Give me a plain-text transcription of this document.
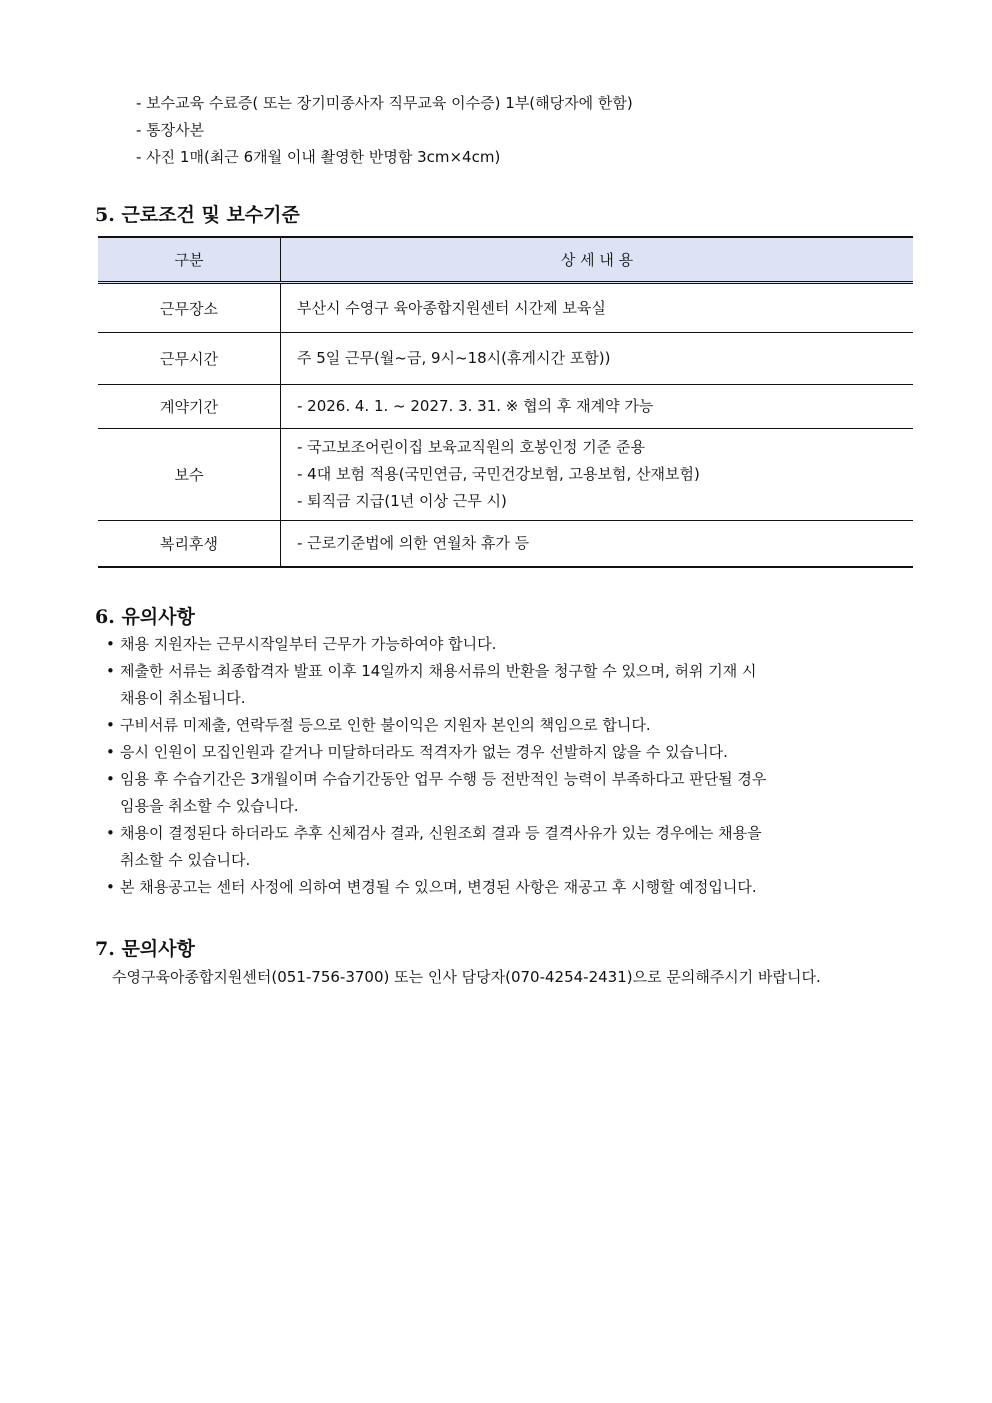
- 보수교육 수료증( 또는 장기미종사자 직무교육 이수증) 1부(해당자에 한함)
- 통장사본
- 사진 1매(최근 6개월 이내 촬영한 반명함 3cm×4cm)
5. 근로조건 및 보수기준
구분	상 세 내 용
근무장소	부산시 수영구 육아종합지원센터 시간제 보육실

근무시간	주 5일 근무(월~금, 9시~18시(휴게시간 포함))

계약기간	- 2026. 4. 1. ~ 2027. 3. 31. ※ 협의 후 재계약 가능

보수	- 국고보조어린이집 보육교직원의 호봉인정 기준 준용
- 4대 보험 적용(국민연금, 국민건강보험, 고용보험, 산재보험)
- 퇴직금 지급(1년 이상 근무 시)

복리후생	- 근로기준법에 의한 연월차 휴가 등
6. 유의사항
• 채용 지원자는 근무시작일부터 근무가 가능하여야 합니다.
• 제출한 서류는 최종합격자 발표 이후 14일까지 채용서류의 반환을 청구할 수 있으며, 허위 기재 시
채용이 취소됩니다.
• 구비서류 미제출, 연락두절 등으로 인한 불이익은 지원자 본인의 책임으로 합니다.
• 응시 인원이 모집인원과 같거나 미달하더라도 적격자가 없는 경우 선발하지 않을 수 있습니다.
• 임용 후 수습기간은 3개월이며 수습기간동안 업무 수행 등 전반적인 능력이 부족하다고 판단될 경우
임용을 취소할 수 있습니다.
• 채용이 결정된다 하더라도 추후 신체검사 결과, 신원조회 결과 등 결격사유가 있는 경우에는 채용을
취소할 수 있습니다.
• 본 채용공고는 센터 사정에 의하여 변경될 수 있으며, 변경된 사항은 재공고 후 시행할 예정입니다.
7. 문의사항
수영구육아종합지원센터(051-756-3700) 또는 인사 담당자(070-4254-2431)으로 문의해주시기 바랍니다.
